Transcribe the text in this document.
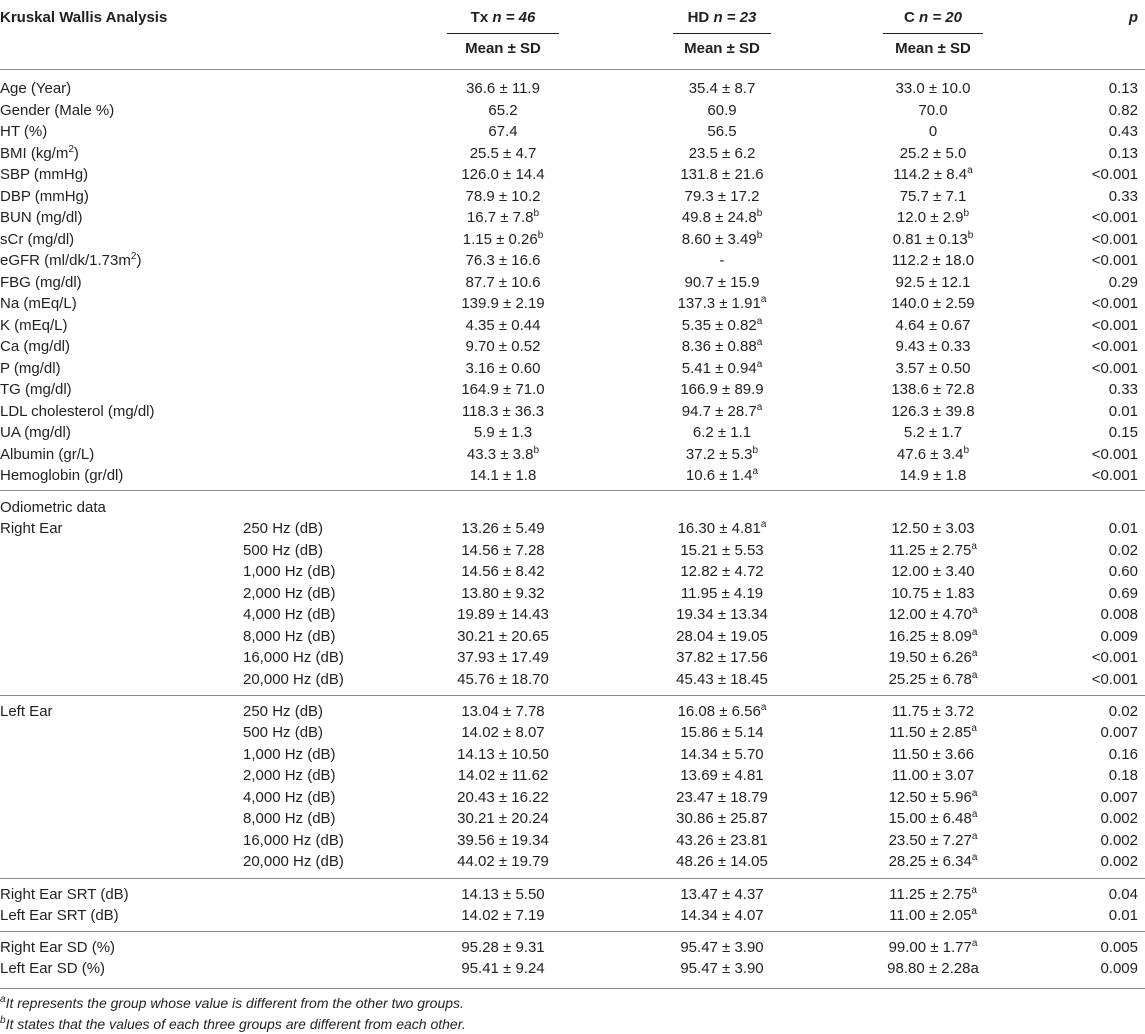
Kruskal Wallis Analysis	Tx n = 46	HD n = 23	C n = 20	p
Mean ± SD	Mean ± SD	Mean ± SD
Age (Year)	36.6 ± 11.9	35.4 ± 8.7	33.0 ± 10.0	0.13
Gender (Male %)	65.2	60.9	70.0	0.82
HT (%)	67.4	56.5	0	0.43
BMI $(kg/m^2)$	25.5 ± 4.7	23.5 ± 6.2	25.2 ± 5.0	0.13
SBP (mmHg)	126.0 ± 14.4	131.8 ± 21.6	114.2 ± 8.4$^a$	<0.001
DBP (mmHg)	78.9 ± 10.2	79.3 ± 17.2	75.7 ± 7.1	0.33
BUN (mg/dl)	16.7 ± 7.8$^b$	49.8 ± 24.8$^b$	12.0 ± 2.9$^b$	<0.001
sCr (mg/dl)	1.15 ± 0.26$^b$	8.60 ± 3.49$^b$	0.81 ± 0.13$^b$	<0.001
eGFR $(ml/dk/1.73m^2)$	76.3 ± 16.6	-	112.2 ± 18.0	<0.001
FBG (mg/dl)	87.7 ± 10.6	90.7 ± 15.9	92.5 ± 12.1	0.29
Na (mEq/L)	139.9 ± 2.19	137.3 ± 1.91$^a$	140.0 ± 2.59	<0.001
K (mEq/L)	4.35 ± 0.44	5.35 ± 0.82$^a$	4.64 ± 0.67	<0.001
Ca (mg/dl)	9.70 ± 0.52	8.36 ± 0.88$^a$	9.43 ± 0.33	<0.001
P (mg/dl)	3.16 ± 0.60	5.41 ± 0.94$^a$	3.57 ± 0.50	<0.001
TG (mg/dl)	164.9 ± 71.0	166.9 ± 89.9	138.6 ± 72.8	0.33
LDL cholesterol (mg/dl)	118.3 ± 36.3	94.7 ± 28.7$^a$	126.3 ± 39.8	0.01
UA (mg/dl)	5.9 ± 1.3	6.2 ± 1.1	5.2 ± 1.7	0.15
Albumin (gr/L)	43.3 ± 3.8$^b$	37.2 ± 5.3$^b$	47.6 ± 3.4$^b$	<0.001
Hemoglobin (gr/dl)	14.1 ± 1.8	10.6 ± 1.4$^a$	14.9 ± 1.8	<0.001
Odiometric data
Right Ear	250 Hz (dB)	13.26 ± 5.49	16.30 ± 4.81$^a$	12.50 ± 3.03	0.01
500 Hz (dB)	14.56 ± 7.28	15.21 ± 5.53	11.25 ± 2.75$^a$	0.02
1,000 Hz (dB)	14.56 ± 8.42	12.82 ± 4.72	12.00 ± 3.40	0.60
2,000 Hz (dB)	13.80 ± 9.32	11.95 ± 4.19	10.75 ± 1.83	0.69
4,000 Hz (dB)	19.89 ± 14.43	19.34 ± 13.34	12.00 ± 4.70$^a$	0.008
8,000 Hz (dB)	30.21 ± 20.65	28.04 ± 19.05	16.25 ± 8.09$^a$	0.009
16,000 Hz (dB)	37.93 ± 17.49	37.82 ± 17.56	19.50 ± 6.26$^a$	<0.001
20,000 Hz (dB)	45.76 ± 18.70	45.43 ± 18.45	25.25 ± 6.78$^a$	<0.001
Left Ear	250 Hz (dB)	13.04 ± 7.78	16.08 ± 6.56$^a$	11.75 ± 3.72	0.02
500 Hz (dB)	14.02 ± 8.07	15.86 ± 5.14	11.50 ± 2.85$^a$	0.007
1,000 Hz (dB)	14.13 ± 10.50	14.34 ± 5.70	11.50 ± 3.66	0.16
2,000 Hz (dB)	14.02 ± 11.62	13.69 ± 4.81	11.00 ± 3.07	0.18
4,000 Hz (dB)	20.43 ± 16.22	23.47 ± 18.79	12.50 ± 5.96$^a$	0.007
8,000 Hz (dB)	30.21 ± 20.24	30.86 ± 25.87	15.00 ± 6.48$^a$	0.002
16,000 Hz (dB)	39.56 ± 19.34	43.26 ± 23.81	23.50 ± 7.27$^a$	0.002
20,000 Hz (dB)	44.02 ± 19.79	48.26 ± 14.05	28.25 ± 6.34$^a$	0.002
Right Ear SRT (dB)	14.13 ± 5.50	13.47 ± 4.37	11.25 ± 2.75$^a$	0.04
Left Ear SRT (dB)	14.02 ± 7.19	14.34 ± 4.07	11.00 ± 2.05$^a$	0.01
Right Ear SD (%)	95.28 ± 9.31	95.47 ± 3.90	99.00 ± 1.77$^a$	0.005
Left Ear SD (%)	95.41 ± 9.24	95.47 ± 3.90	98.80 ± 2.28a	0.009
$^a$It represents the group whose value is different from the other two groups.
$^b$It states that the values of each three groups are different from each other.
